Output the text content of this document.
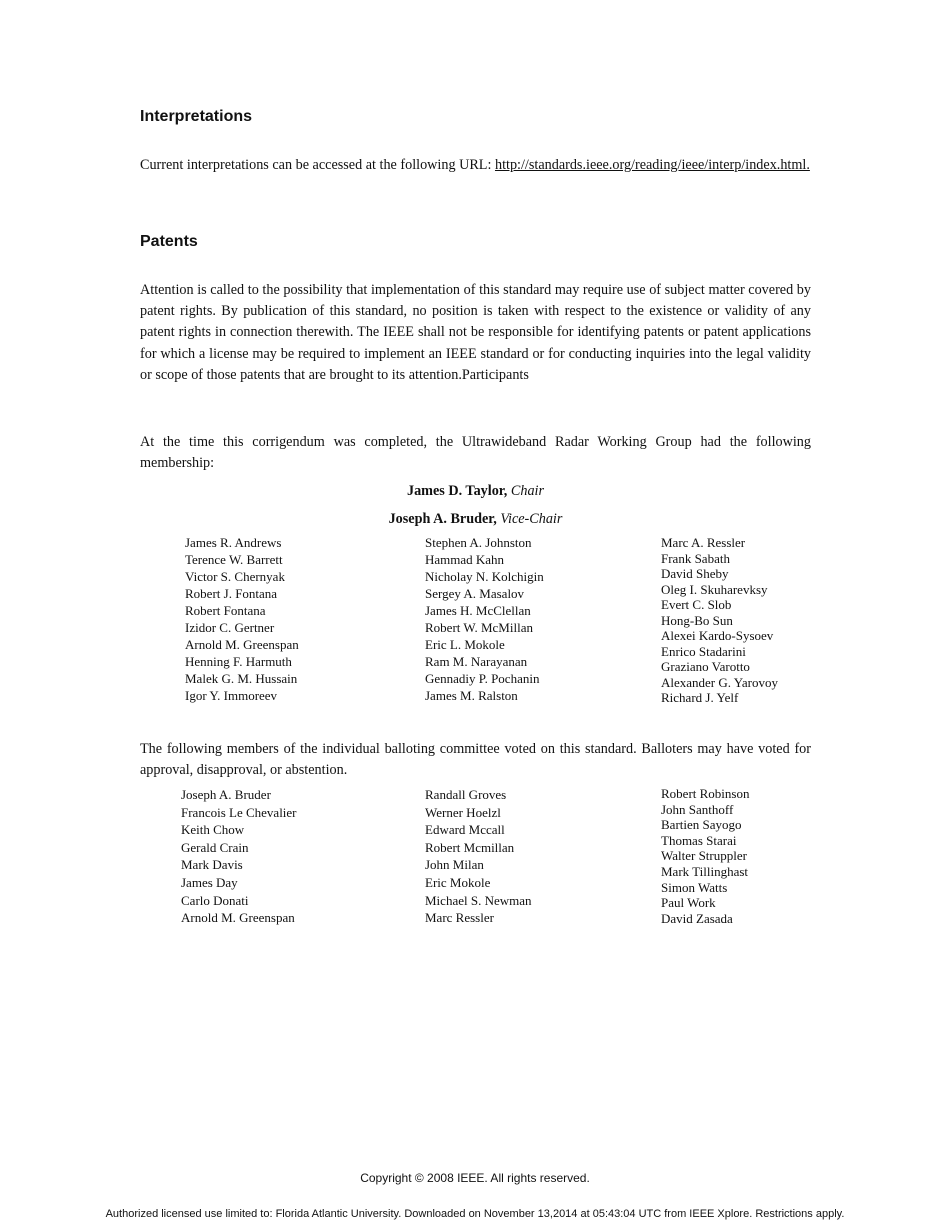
Interpretations

Current interpretations can be accessed at the following URL: http://standards.ieee.org/reading/ieee/interp/index.html.

Patents

Attention is called to the possibility that implementation of this standard may require use of subject matter covered by patent rights. By publication of this standard, no position is taken with respect to the existence or validity of any patent rights in connection therewith. The IEEE shall not be responsible for identifying patents or patent applications for which a license may be required to implement an IEEE standard or for conducting inquiries into the legal validity or scope of those patents that are brought to its attention.Participants

At the time this corrigendum was completed, the Ultrawideband Radar Working Group had the following membership:

James D. Taylor, Chair
Joseph A. Bruder, Vice-Chair
James R. Andrews
Terence W. Barrett
Victor S. Chernyak
Robert J. Fontana
Robert Fontana
Izidor C. Gertner
Arnold M. Greenspan
Henning F. Harmuth
Malek G. M. Hussain
Igor Y. Immoreev
Stephen A. Johnston
Hammad Kahn
Nicholay N. Kolchigin
Sergey A. Masalov
James H. McClellan
Robert W. McMillan
Eric L. Mokole
Ram M. Narayanan
Gennadiy P. Pochanin
James M. Ralston
Marc A. Ressler
Frank Sabath
David Sheby
Oleg I. Skuharevksy
Evert C. Slob
Hong-Bo Sun
Alexei Kardo-Sysoev
Enrico Stadarini
Graziano Varotto
Alexander G. Yarovoy
Richard J. Yelf

The following members of the individual balloting committee voted on this standard. Balloters may have voted for approval, disapproval, or abstention.

Joseph A. Bruder
Francois Le Chevalier
Keith Chow
Gerald Crain
Mark Davis
James Day
Carlo Donati
Arnold M. Greenspan
Randall Groves
Werner Hoelzl
Edward Mccall
Robert Mcmillan
John Milan
Eric Mokole
Michael S. Newman
Marc Ressler
Robert Robinson
John Santhoff
Bartien Sayogo
Thomas Starai
Walter Struppler
Mark Tillinghast
Simon Watts
Paul Work
David Zasada
Copyright © 2008 IEEE. All rights reserved.
Authorized licensed use limited to: Florida Atlantic University. Downloaded on November 13,2014 at 05:43:04 UTC from IEEE Xplore. Restrictions apply.
